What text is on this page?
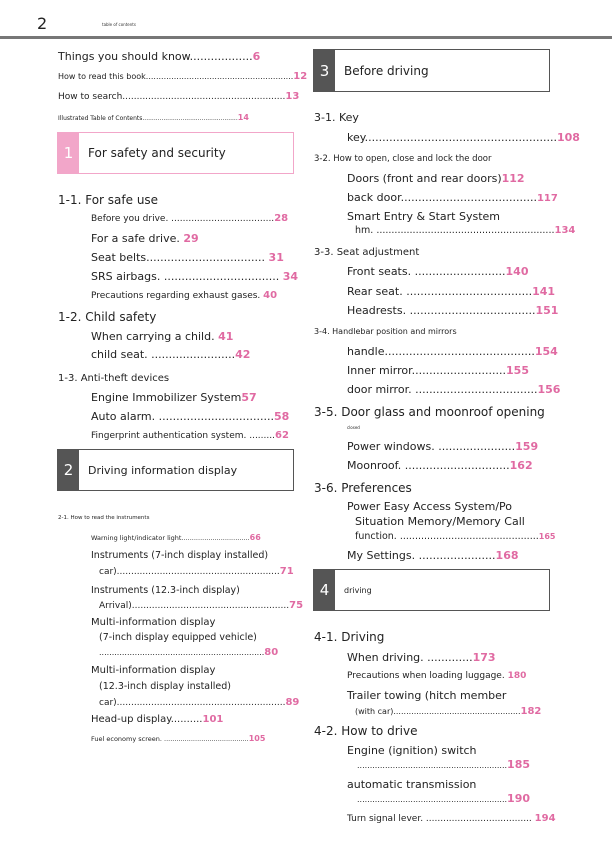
2	table of contents
Things you should know..................6
How to read this book..........................................................12
How to search.........................................................13
Illustrated Table of Contents..................................................14
1	For safety and security
1-1. For safe use
Before you drive. ....................................28
For a safe drive. 29
Seat belts.................................. 31
SRS airbags. ................................. 34
Precautions regarding exhaust gases. 40
1-2. Child safety
When carrying a child. 41
child seat. ........................42
1-3. Anti-theft devices
Engine Immobilizer System57
Auto alarm. .................................58
Fingerprint authentication system. .........62
2	Driving information display
2-1. How to read the instruments
Warning light/indicator light.................................66
Instruments (7-inch display installed)
car).........................................................71
Instruments (12.3-inch display)
Arrival).......................................................75
Multi-information display
(7-inch display equipped vehicle)
.................................................................80
Multi-information display
(12.3-inch display installed)
car)...........................................................89
Head-up display..........101
Fuel economy screen. .........................................105
3	Before driving
3-1. Key
key.......................................................108
3-2. How to open, close and lock the door
Doors (front and rear doors)112
back door.......................................117
Smart Entry & Start System
hm. ...........................................................134
3-3. Seat adjustment
Front seats. ..........................140
Rear seat. ....................................141
Headrests. ....................................151
3-4. Handlebar position and mirrors
handle...........................................154
Inner mirror...........................155
door mirror. ...................................156
3-5. Door glass and moonroof opening
closed
Power windows. ......................159
Moonroof. ..............................162
3-6. Preferences
Power Easy Access System/Po
Situation Memory/Memory Call
function. ..............................................165
My Settings. ......................168
4	driving
4-1. Driving
When driving. .............173
Precautions when loading luggage. 180
Trailer towing (hitch member
(with car)..................................................182
4-2. How to drive
Engine (ignition) switch
...........................................................185
automatic transmission
...........................................................190
Turn signal lever. ..................................... 194
